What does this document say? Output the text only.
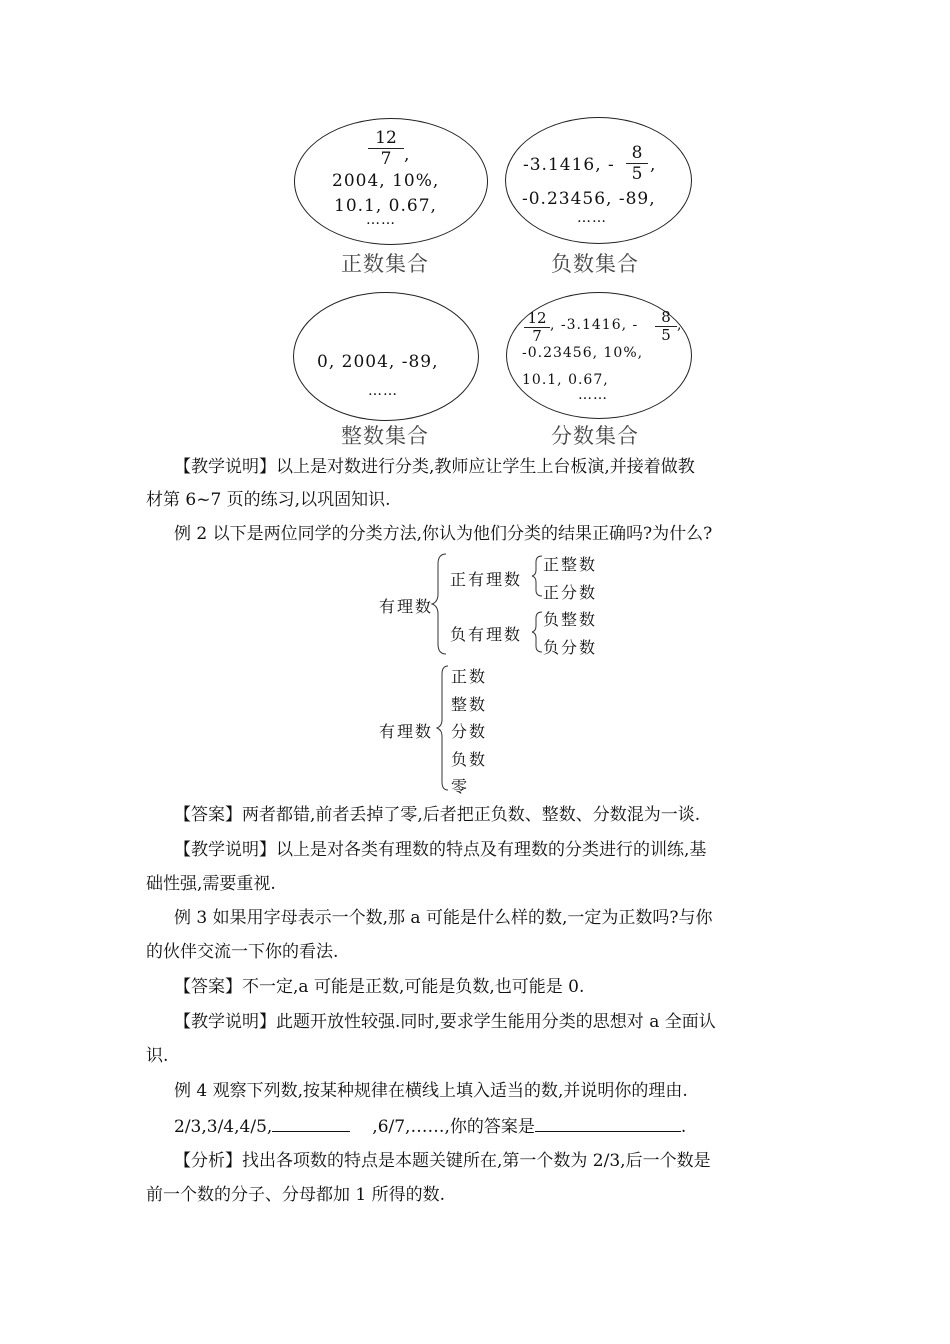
$\frac{12}{7}$ ,
2004, 10%,
10.1, 0.67,
……
正数集合
-3.1416, - $\frac{8}{5}$ ,
-0.23456, -89,
……
负数集合
0, 2004, -89,
……
整数集合
$\frac{12}{7}$ , -3.1416, - $\frac{8}{5}$ ,
-0.23456, 10%,
10.1, 0.67,
……
分数集合
【教学说明】以上是对数进行分类,教师应让学生上台板演,并接着做教
材第 6~7 页的练习,以巩固知识.
例 2 以下是两位同学的分类方法,你认为他们分类的结果正确吗?为什么?
有理数
正有理数
正整数
正分数
负有理数
负整数
负分数
有理数
正数
整数
分数
负数
零
【答案】两者都错,前者丢掉了零,后者把正负数、整数、分数混为一谈.
【教学说明】以上是对各类有理数的特点及有理数的分类进行的训练,基
础性强,需要重视.
例 3 如果用字母表示一个数,那 a 可能是什么样的数,一定为正数吗?与你
的伙伴交流一下你的看法.
【答案】不一定,a 可能是正数,可能是负数,也可能是 0.
【教学说明】此题开放性较强.同时,要求学生能用分类的思想对 a 全面认
识.
例 4 观察下列数,按某种规律在横线上填入适当的数,并说明你的理由.
2/3,3/4,4/5,	,6/7,……,你的答案是	.
【分析】找出各项数的特点是本题关键所在,第一个数为 2/3,后一个数是
前一个数的分子、分母都加 1 所得的数.
